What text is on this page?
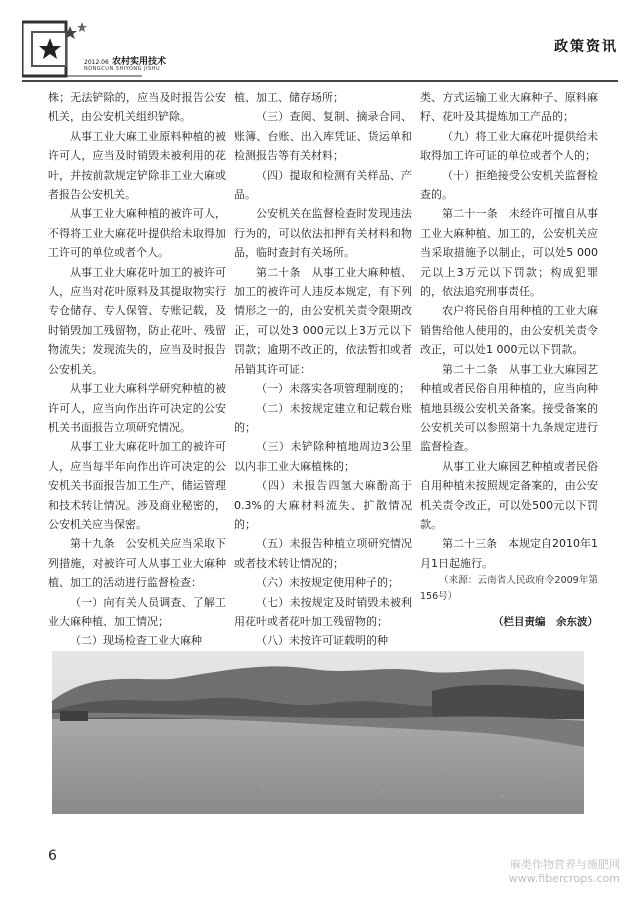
2012.06 农村实用技术
NONGCUN SHIYONG JISHU
政策资讯

株；无法铲除的，应当及时报告公安机关，由公安机关组织铲除。

从事工业大麻工业原料种植的被许可人，应当及时销毁未被利用的花叶，并按前款规定铲除非工业大麻或者报告公安机关。

从事工业大麻种植的被许可人，不得将工业大麻花叶提供给未取得加工许可的单位或者个人。

从事工业大麻花叶加工的被许可人，应当对花叶原料及其提取物实行专仓储存、专人保管、专账记载，及时销毁加工残留物，防止花叶、残留物流失；发现流失的，应当及时报告公安机关。

从事工业大麻科学研究种植的被许可人，应当向作出许可决定的公安机关书面报告立项研究情况。

从事工业大麻花叶加工的被许可人，应当每半年向作出许可决定的公安机关书面报告加工生产、储运管理和技术转让情况。涉及商业秘密的，公安机关应当保密。

第十九条　公安机关应当采取下列措施，对被许可人从事工业大麻种植、加工的活动进行监督检查：

（一）向有关人员调查、了解工业大麻种植、加工情况；

（二）现场检查工业大麻种

植、加工、储存场所；

（三）查阅、复制、摘录合同、账簿、台账、出入库凭证、货运单和检测报告等有关材料；

（四）提取和检测有关样品、产品。

公安机关在监督检查时发现违法行为的，可以依法扣押有关材料和物品，临时查封有关场所。

第二十条　从事工业大麻种植、加工的被许可人违反本规定，有下列情形之一的，由公安机关责令限期改正，可以处3 000元以上3万元以下罚款；逾期不改正的，依法暂扣或者吊销其许可证：

（一）未落实各项管理制度的；

（二）未按规定建立和记载台账的；

（三）未铲除种植地周边3公里以内非工业大麻植株的；

（四）未报告四氢大麻酚高于0.3%的大麻材料流失、扩散情况的；

（五）未报告种植立项研究情况或者技术转让情况的；

（六）未按规定使用种子的；

（七）未按规定及时销毁未被利用花叶或者花叶加工残留物的；

（八）未按许可证载明的种

类、方式运输工业大麻种子、原料麻籽、花叶及其提炼加工产品的；

（九）将工业大麻花叶提供给未取得加工许可证的单位或者个人的；

（十）拒绝接受公安机关监督检查的。

第二十一条　未经许可擅自从事工业大麻种植、加工的，公安机关应当采取措施予以制止，可以处5 000元以上3万元以下罚款；构成犯罪的，依法追究刑事责任。

农户将民俗自用种植的工业大麻销售给他人使用的，由公安机关责令改正，可以处1 000元以下罚款。

第二十二条　从事工业大麻园艺种植或者民俗自用种植的，应当向种植地县级公安机关备案。接受备案的公安机关可以参照第十九条规定进行监督检查。

从事工业大麻园艺种植或者民俗自用种植未按照规定备案的，由公安机关责令改正，可以处500元以下罚款。

第二十三条　本规定自2010年1月1日起施行。

（来源：云南省人民政府令2009年第156号）

（栏目责编　余东波）
6
麻类作物营养与施肥网
www.fibercrops.com
